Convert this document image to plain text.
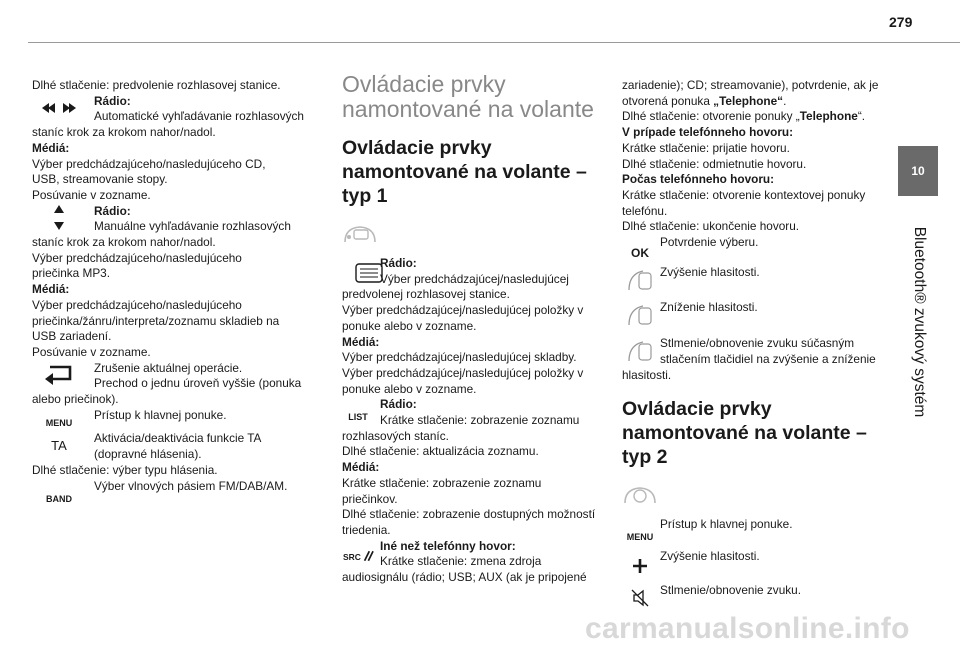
279
10
Bluetooth® zvukový systém
Dlhé stlačenie: predvolenie rozhlasovej stanice.
Rádio:
Automatické vyhľadávanie rozhlasových
staníc krok za krokom nahor/nadol.
Médiá:
Výber predchádzajúceho/nasledujúceho CD,
USB, streamovanie stopy.
Posúvanie v zozname.
Rádio:
Manuálne vyhľadávanie rozhlasových
staníc krok za krokom nahor/nadol.
Výber predchádzajúceho/nasledujúceho
priečinka MP3.
Médiá:
Výber predchádzajúceho/nasledujúceho
priečinka/žánru/interpreta/zoznamu skladieb na
USB zariadení.
Posúvanie v zozname.
Zrušenie aktuálnej operácie.
Prechod o jednu úroveň vyššie (ponuka
alebo priečinok).
MENU
Prístup k hlavnej ponuke.
TA	Aktivácia/deaktivácia funkcie TA
(dopravné hlásenia).
Dlhé stlačenie: výber typu hlásenia.
BAND
Výber vlnových pásiem FM/DAB/AM.
Ovládacie prvky
namontované na volante
Ovládacie prvky
namontované na volante –
typ 1
Rádio:
Výber predchádzajúcej/nasledujúcej
predvolenej rozhlasovej stanice.
Výber predchádzajúcej/nasledujúcej položky v
ponuke alebo v zozname.
Médiá:
Výber predchádzajúcej/nasledujúcej skladby.
Výber predchádzajúcej/nasledujúcej položky v
ponuke alebo v zozname.
LIST
Rádio:
Krátke stlačenie: zobrazenie zoznamu
rozhlasových staníc.
Dlhé stlačenie: aktualizácia zoznamu.
Médiá:
Krátke stlačenie: zobrazenie zoznamu
priečinkov.
Dlhé stlačenie: zobrazenie dostupných možností
triedenia.
SRC
Iné než telefónny hovor:
Krátke stlačenie: zmena zdroja
audiosignálu (rádio; USB; AUX (ak je pripojené
zariadenie); CD; streamovanie), potvrdenie, ak je
otvorená ponuka „Telephone“.
Dlhé stlačenie: otvorenie ponuky „Telephone“.
V prípade telefónneho hovoru:
Krátke stlačenie: prijatie hovoru.
Dlhé stlačenie: odmietnutie hovoru.
Počas telefónneho hovoru:
Krátke stlačenie: otvorenie kontextovej ponuky
telefónu.
Dlhé stlačenie: ukončenie hovoru.
OK
Potvrdenie výberu.
Zvýšenie hlasitosti.
Zníženie hlasitosti.
Stlmenie/obnovenie zvuku súčasným
stlačením tlačidiel na zvýšenie a zníženie
hlasitosti.
Ovládacie prvky
namontované na volante –
typ 2
MENU
Prístup k hlavnej ponuke.
Zvýšenie hlasitosti.
Stlmenie/obnovenie zvuku.
carmanualsonline.info
